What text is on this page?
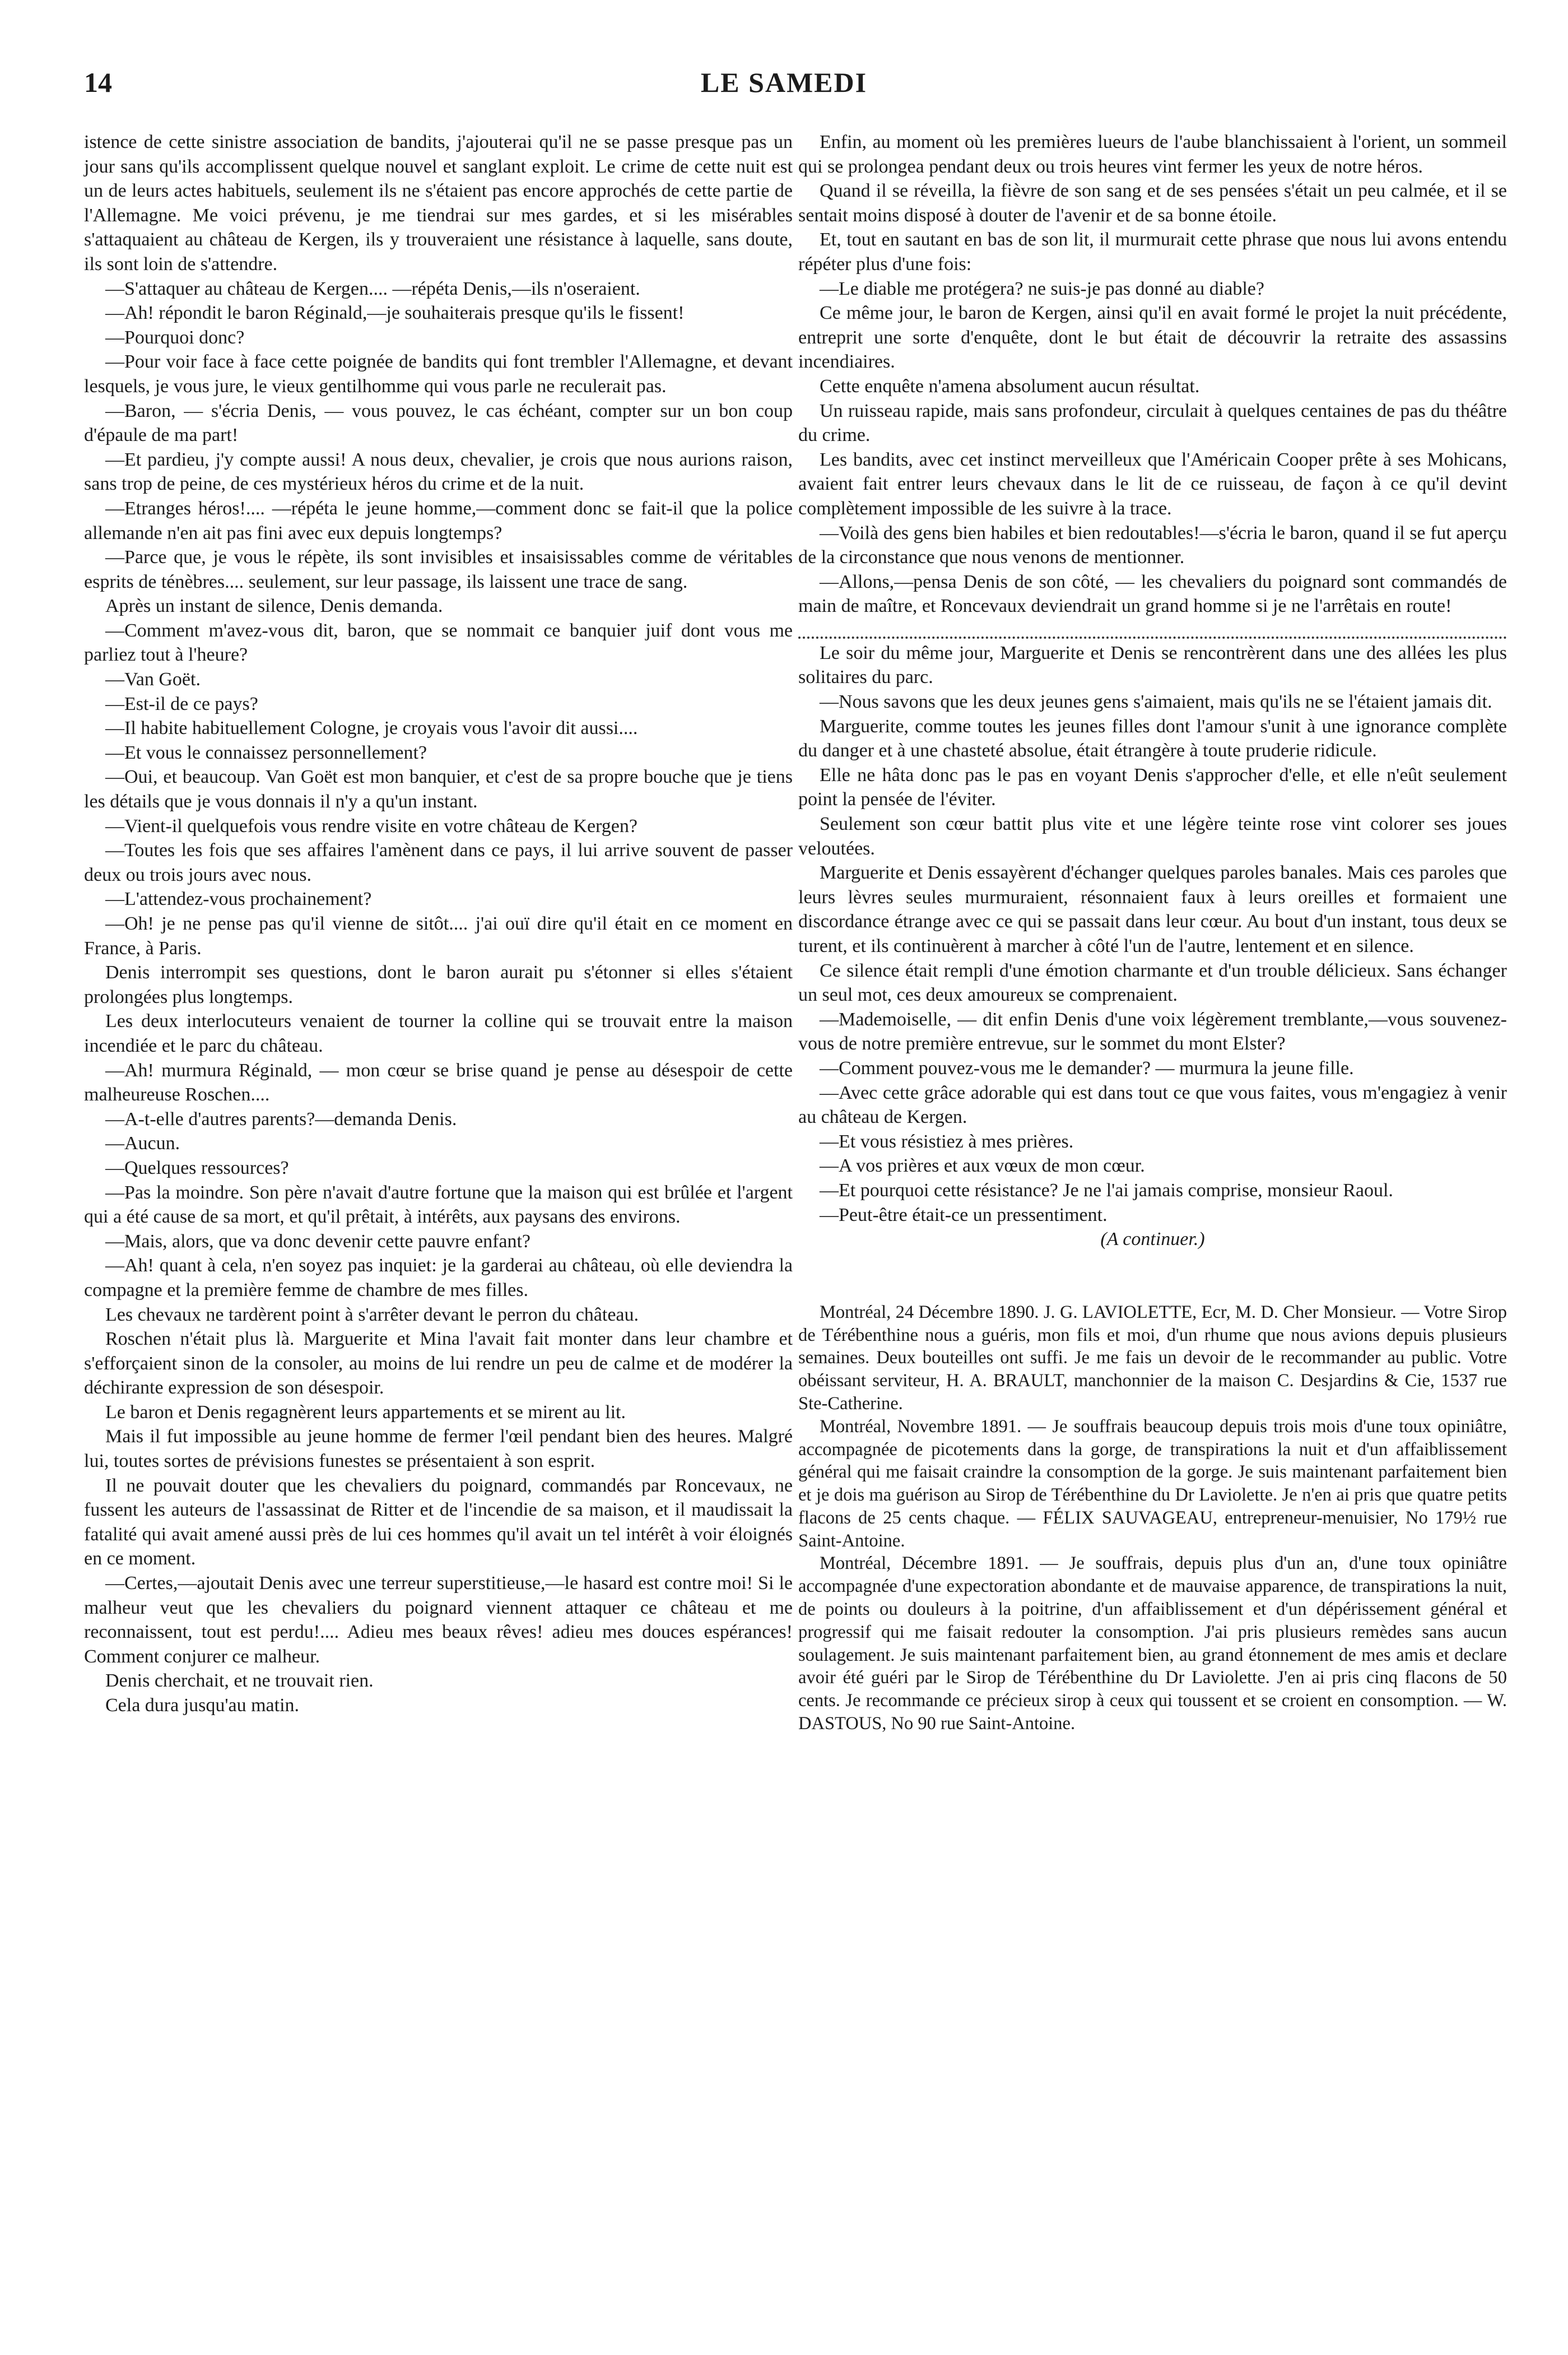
14	LE SAMEDI

istence de cette sinistre association de bandits, j'ajouterai qu'il ne se passe presque pas un jour sans qu'ils accomplissent quelque nouvel et sanglant exploit. Le crime de cette nuit est un de leurs actes habituels, seulement ils ne s'étaient pas encore approchés de cette partie de l'Allemagne. Me voici prévenu, je me tiendrai sur mes gardes, et si les misérables s'attaquaient au château de Kergen, ils y trouveraient une résistance à laquelle, sans doute, ils sont loin de s'attendre.

—S'attaquer au château de Kergen.... —répéta Denis,—ils n'oseraient.

—Ah! répondit le baron Réginald,—je souhaiterais presque qu'ils le fissent!

—Pourquoi donc?

—Pour voir face à face cette poignée de bandits qui font trembler l'Allemagne, et devant lesquels, je vous jure, le vieux gentilhomme qui vous parle ne reculerait pas.

—Baron, — s'écria Denis, — vous pouvez, le cas échéant, compter sur un bon coup d'épaule de ma part!

—Et pardieu, j'y compte aussi! A nous deux, chevalier, je crois que nous aurions raison, sans trop de peine, de ces mystérieux héros du crime et de la nuit.

—Etranges héros!.... —répéta le jeune homme,—comment donc se fait-il que la police allemande n'en ait pas fini avec eux depuis longtemps?

—Parce que, je vous le répète, ils sont invisibles et insaisissables comme de véritables esprits de ténèbres.... seulement, sur leur passage, ils laissent une trace de sang.

Après un instant de silence, Denis demanda.

—Comment m'avez-vous dit, baron, que se nommait ce banquier juif dont vous me parliez tout à l'heure?

—Van Goët.

—Est-il de ce pays?

—Il habite habituellement Cologne, je croyais vous l'avoir dit aussi....

—Et vous le connaissez personnellement?

—Oui, et beaucoup. Van Goët est mon banquier, et c'est de sa propre bouche que je tiens les détails que je vous donnais il n'y a qu'un instant.

—Vient-il quelquefois vous rendre visite en votre château de Kergen?

—Toutes les fois que ses affaires l'amènent dans ce pays, il lui arrive souvent de passer deux ou trois jours avec nous.

—L'attendez-vous prochainement?

—Oh! je ne pense pas qu'il vienne de sitôt.... j'ai ouï dire qu'il était en ce moment en France, à Paris.

Denis interrompit ses questions, dont le baron aurait pu s'étonner si elles s'étaient prolongées plus longtemps.

Les deux interlocuteurs venaient de tourner la colline qui se trouvait entre la maison incendiée et le parc du château.

—Ah! murmura Réginald, — mon cœur se brise quand je pense au désespoir de cette malheureuse Roschen....

—A-t-elle d'autres parents?—demanda Denis.

—Aucun.

—Quelques ressources?

—Pas la moindre. Son père n'avait d'autre fortune que la maison qui est brûlée et l'argent qui a été cause de sa mort, et qu'il prêtait, à intérêts, aux paysans des environs.

—Mais, alors, que va donc devenir cette pauvre enfant?

—Ah! quant à cela, n'en soyez pas inquiet: je la garderai au château, où elle deviendra la compagne et la première femme de chambre de mes filles.

Les chevaux ne tardèrent point à s'arrêter devant le perron du château.

Roschen n'était plus là. Marguerite et Mina l'avait fait monter dans leur chambre et s'efforçaient sinon de la consoler, au moins de lui rendre un peu de calme et de modérer la déchirante expression de son désespoir.

Le baron et Denis regagnèrent leurs appartements et se mirent au lit.

Mais il fut impossible au jeune homme de fermer l'œil pendant bien des heures. Malgré lui, toutes sortes de prévisions funestes se présentaient à son esprit.

Il ne pouvait douter que les chevaliers du poignard, commandés par Roncevaux, ne fussent les auteurs de l'assassinat de Ritter et de l'incendie de sa maison, et il maudissait la fatalité qui avait amené aussi près de lui ces hommes qu'il avait un tel intérêt à voir éloignés en ce moment.

—Certes,—ajoutait Denis avec une terreur superstitieuse,—le hasard est contre moi! Si le malheur veut que les chevaliers du poignard viennent attaquer ce château et me reconnaissent, tout est perdu!.... Adieu mes beaux rêves! adieu mes douces espérances! Comment conjurer ce malheur.

Denis cherchait, et ne trouvait rien.

Cela dura jusqu'au matin.

Enfin, au moment où les premières lueurs de l'aube blanchissaient à l'orient, un sommeil qui se prolongea pendant deux ou trois heures vint fermer les yeux de notre héros.

Quand il se réveilla, la fièvre de son sang et de ses pensées s'était un peu calmée, et il se sentait moins disposé à douter de l'avenir et de sa bonne étoile.

Et, tout en sautant en bas de son lit, il murmurait cette phrase que nous lui avons entendu répéter plus d'une fois:

—Le diable me protégera? ne suis-je pas donné au diable?

Ce même jour, le baron de Kergen, ainsi qu'il en avait formé le projet la nuit précédente, entreprit une sorte d'enquête, dont le but était de découvrir la retraite des assassins incendiaires.

Cette enquête n'amena absolument aucun résultat.

Un ruisseau rapide, mais sans profondeur, circulait à quelques centaines de pas du théâtre du crime.

Les bandits, avec cet instinct merveilleux que l'Américain Cooper prête à ses Mohicans, avaient fait entrer leurs chevaux dans le lit de ce ruisseau, de façon à ce qu'il devint complètement impossible de les suivre à la trace.

—Voilà des gens bien habiles et bien redoutables!—s'écria le baron, quand il se fut aperçu de la circonstance que nous venons de mentionner.

—Allons,—pensa Denis de son côté, — les chevaliers du poignard sont commandés de main de maître, et Roncevaux deviendrait un grand homme si je ne l'arrêtais en route!

Le soir du même jour, Marguerite et Denis se rencontrèrent dans une des allées les plus solitaires du parc.

—Nous savons que les deux jeunes gens s'aimaient, mais qu'ils ne se l'étaient jamais dit.

Marguerite, comme toutes les jeunes filles dont l'amour s'unit à une ignorance complète du danger et à une chasteté absolue, était étrangère à toute pruderie ridicule.

Elle ne hâta donc pas le pas en voyant Denis s'approcher d'elle, et elle n'eût seulement point la pensée de l'éviter.

Seulement son cœur battit plus vite et une légère teinte rose vint colorer ses joues veloutées.

Marguerite et Denis essayèrent d'échanger quelques paroles banales. Mais ces paroles que leurs lèvres seules murmuraient, résonnaient faux à leurs oreilles et formaient une discordance étrange avec ce qui se passait dans leur cœur. Au bout d'un instant, tous deux se turent, et ils continuèrent à marcher à côté l'un de l'autre, lentement et en silence.

Ce silence était rempli d'une émotion charmante et d'un trouble délicieux. Sans échanger un seul mot, ces deux amoureux se comprenaient.

—Mademoiselle, — dit enfin Denis d'une voix légèrement tremblante,—vous souvenez-vous de notre première entrevue, sur le sommet du mont Elster?

—Comment pouvez-vous me le demander? — murmura la jeune fille.

—Avec cette grâce adorable qui est dans tout ce que vous faites, vous m'engagiez à venir au château de Kergen.

—Et vous résistiez à mes prières.

—A vos prières et aux vœux de mon cœur.

—Et pourquoi cette résistance? Je ne l'ai jamais comprise, monsieur Raoul.

—Peut-être était-ce un pressentiment.

(A continuer.)

Montréal, 24 Décembre 1890. J. G. LAVIOLETTE, Ecr, M. D. Cher Monsieur. — Votre Sirop de Térébenthine nous a guéris, mon fils et moi, d'un rhume que nous avions depuis plusieurs semaines. Deux bouteilles ont suffi. Je me fais un devoir de le recommander au public. Votre obéissant serviteur, H. A. BRAULT, manchonnier de la maison C. Desjardins & Cie, 1537 rue Ste-Catherine.

Montréal, Novembre 1891. — Je souffrais beaucoup depuis trois mois d'une toux opiniâtre, accompagnée de picotements dans la gorge, de transpirations la nuit et d'un affaiblissement général qui me faisait craindre la consomption de la gorge. Je suis maintenant parfaitement bien et je dois ma guérison au Sirop de Térébenthine du Dr Laviolette. Je n'en ai pris que quatre petits flacons de 25 cents chaque. — FÉLIX SAUVAGEAU, entrepreneur-menuisier, No 179½ rue Saint-Antoine.

Montréal, Décembre 1891. — Je souffrais, depuis plus d'un an, d'une toux opiniâtre accompagnée d'une expectoration abondante et de mauvaise apparence, de transpirations la nuit, de points ou douleurs à la poitrine, d'un affaiblissement et d'un dépérissement général et progressif qui me faisait redouter la consomption. J'ai pris plusieurs remèdes sans aucun soulagement. Je suis maintenant parfaitement bien, au grand étonnement de mes amis et declare avoir été guéri par le Sirop de Térébenthine du Dr Laviolette. J'en ai pris cinq flacons de 50 cents. Je recommande ce précieux sirop à ceux qui toussent et se croient en consomption. — W. DASTOUS, No 90 rue Saint-Antoine.
